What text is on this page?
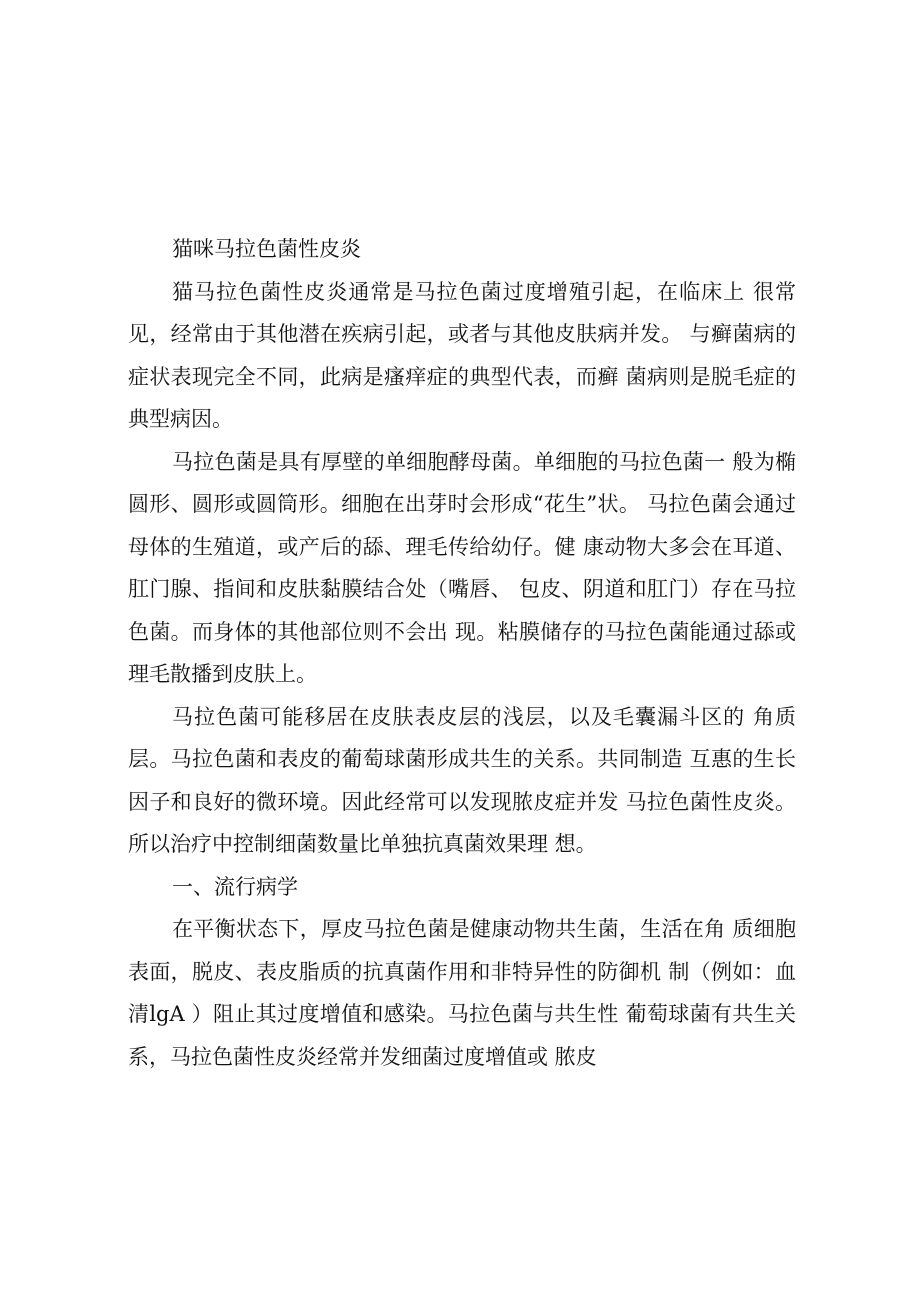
猫咪马拉色菌性皮炎

猫马拉色菌性皮炎通常是马拉色菌过度增殖引起，在临床上 很常见，经常由于其他潜在疾病引起，或者与其他皮肤病并发。 与癣菌病的症状表现完全不同，此病是瘙痒症的典型代表，而癣 菌病则是脱毛症的典型病因。

马拉色菌是具有厚壁的单细胞酵母菌。单细胞的马拉色菌一 般为椭圆形、圆形或圆筒形。细胞在出芽时会形成“花生”状。 马拉色菌会通过母体的生殖道，或产后的舔、理毛传给幼仔。健 康动物大多会在耳道、肛门腺、指间和皮肤黏膜结合处（嘴唇、 包皮、阴道和肛门）存在马拉色菌。而身体的其他部位则不会出 现。粘膜储存的马拉色菌能通过舔或理毛散播到皮肤上。

马拉色菌可能移居在皮肤表皮层的浅层，以及毛囊漏斗区的 角质层。马拉色菌和表皮的葡萄球菌形成共生的关系。共同制造 互惠的生长因子和良好的微环境。因此经常可以发现脓皮症并发 马拉色菌性皮炎。所以治疗中控制细菌数量比单独抗真菌效果理 想。

一、流行病学

在平衡状态下，厚皮马拉色菌是健康动物共生菌，生活在角 质细胞表面，脱皮、表皮脂质的抗真菌作用和非特异性的防御机 制（例如：血清lgA ）阻止其过度增值和感染。马拉色菌与共生性 葡萄球菌有共生关系，马拉色菌性皮炎经常并发细菌过度增值或 脓皮
